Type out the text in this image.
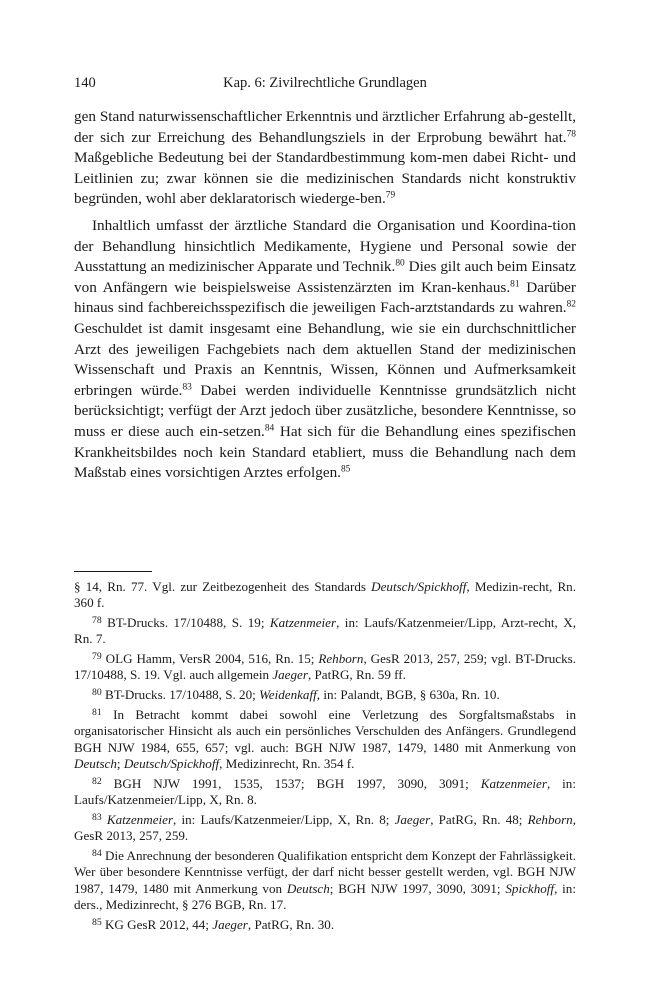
140	Kap. 6: Zivilrechtliche Grundlagen

gen Stand naturwissenschaftlicher Erkenntnis und ärztlicher Erfahrung ab-gestellt, der sich zur Erreichung des Behandlungsziels in der Erprobung bewährt hat.$^{78}$ Maßgebliche Bedeutung bei der Standardbestimmung kom-men dabei Richt- und Leitlinien zu; zwar können sie die medizinischen Standards nicht konstruktiv begründen, wohl aber deklaratorisch wiederge-ben.$^{79}$

Inhaltlich umfasst der ärztliche Standard die Organisation und Koordina-tion der Behandlung hinsichtlich Medikamente, Hygiene und Personal sowie der Ausstattung an medizinischer Apparate und Technik.$^{80}$ Dies gilt auch beim Einsatz von Anfängern wie beispielsweise Assistenzärzten im Kran-kenhaus.$^{81}$ Darüber hinaus sind fachbereichsspezifisch die jeweiligen Fach-arztstandards zu wahren.$^{82}$ Geschuldet ist damit insgesamt eine Behandlung, wie sie ein durchschnittlicher Arzt des jeweiligen Fachgebiets nach dem aktuellen Stand der medizinischen Wissenschaft und Praxis an Kenntnis, Wissen, Können und Aufmerksamkeit erbringen würde.$^{83}$ Dabei werden individuelle Kenntnisse grundsätzlich nicht berücksichtigt; verfügt der Arzt jedoch über zusätzliche, besondere Kenntnisse, so muss er diese auch ein-setzen.$^{84}$ Hat sich für die Behandlung eines spezifischen Krankheitsbildes noch kein Standard etabliert, muss die Behandlung nach dem Maßstab eines vorsichtigen Arztes erfolgen.$^{85}$

§ 14, Rn. 77. Vgl. zur Zeitbezogenheit des Standards Deutsch/Spickhoff, Medizin-recht, Rn. 360 f.
$^{78}$ BT-Drucks. 17/10488, S. 19; Katzenmeier, in: Laufs/Katzenmeier/Lipp, Arzt-recht, X, Rn. 7.
$^{79}$ OLG Hamm, VersR 2004, 516, Rn. 15; Rehborn, GesR 2013, 257, 259; vgl. BT-Drucks. 17/10488, S. 19. Vgl. auch allgemein Jaeger, PatRG, Rn. 59 ff.
$^{80}$ BT-Drucks. 17/10488, S. 20; Weidenkaff, in: Palandt, BGB, § 630a, Rn. 10.
$^{81}$ In Betracht kommt dabei sowohl eine Verletzung des Sorgfaltsmaßstabs in organisatorischer Hinsicht als auch ein persönliches Verschulden des Anfängers. Grundlegend BGH NJW 1984, 655, 657; vgl. auch: BGH NJW 1987, 1479, 1480 mit Anmerkung von Deutsch; Deutsch/Spickhoff, Medizinrecht, Rn. 354 f.
$^{82}$ BGH NJW 1991, 1535, 1537; BGH 1997, 3090, 3091; Katzenmeier, in: Laufs/Katzenmeier/Lipp, X, Rn. 8.
$^{83}$ Katzenmeier, in: Laufs/Katzenmeier/Lipp, X, Rn. 8; Jaeger, PatRG, Rn. 48; Rehborn, GesR 2013, 257, 259.
$^{84}$ Die Anrechnung der besonderen Qualifikation entspricht dem Konzept der Fahrlässigkeit. Wer über besondere Kenntnisse verfügt, der darf nicht besser gestellt werden, vgl. BGH NJW 1987, 1479, 1480 mit Anmerkung von Deutsch; BGH NJW 1997, 3090, 3091; Spickhoff, in: ders., Medizinrecht, § 276 BGB, Rn. 17.
$^{85}$ KG GesR 2012, 44; Jaeger, PatRG, Rn. 30.
